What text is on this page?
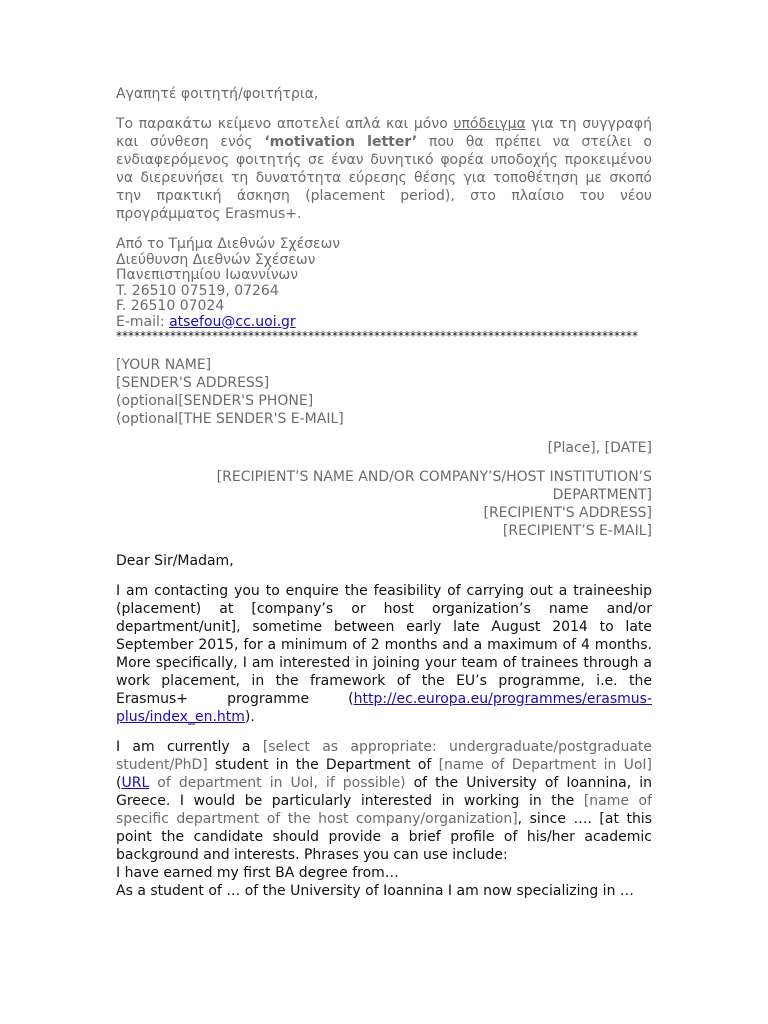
Αγαπητέ φοιτητή/φοιτήτρια,

Το παρακάτω κείμενο αποτελεί απλά και μόνο υπόδειγμα για τη συγγραφή και σύνθεση ενός ‘motivation letter’ που θα πρέπει να στείλει ο ενδιαφερόμενος φοιτητής σε έναν δυνητικό φορέα υποδοχής προκειμένου να διερευνήσει τη δυνατότητα εύρεσης θέσης για τοποθέτηση με σκοπό την πρακτική άσκηση (placement period), στο πλαίσιο του νέου προγράμματος Erasmus+.

Από το Τμήμα Διεθνών Σχέσεων

Διεύθυνση Διεθνών Σχέσεων

Πανεπιστημίου Ιωαννίνων

T. 26510 07519, 07264

F. 26510 07024

E-mail: atsefou@cc.uoi.gr

***************************************************************************************

[YOUR NAME]

[SENDER'S ADDRESS]

(optional[SENDER'S PHONE]

(optional[THE SENDER'S E-MAIL]

[Place], [DATE]

[RECIPIENT’S NAME AND/OR COMPANY’S/HOST INSTITUTION’S DEPARTMENT]

[RECIPIENT'S ADDRESS]

[RECIPIENT’S E-MAIL]

Dear Sir/Madam,

I am contacting you to enquire the feasibility of carrying out a traineeship (placement) at [company’s or host organization’s name and/or department/unit], sometime between early late August 2014 to late September 2015, for a minimum of 2 months and a maximum of 4 months. More specifically, I am interested in joining your team of trainees through a work placement, in the framework of the EU’s programme, i.e. the Erasmus+ programme (http://ec.europa.eu/programmes/erasmus-plus/index_en.htm).

I am currently a [select as appropriate: undergraduate/postgraduate student/PhD] student in the Department of [name of Department in UoI] (URL of department in UoI, if possible) of the University of Ioannina, in Greece. I would be particularly interested in working in the [name of specific department of the host company/organization], since …. [at this point the candidate should provide a brief profile of his/her academic background and interests. Phrases you can use include:

I have earned my first BA degree from…

As a student of … of the University of Ioannina I am now specializing in …
